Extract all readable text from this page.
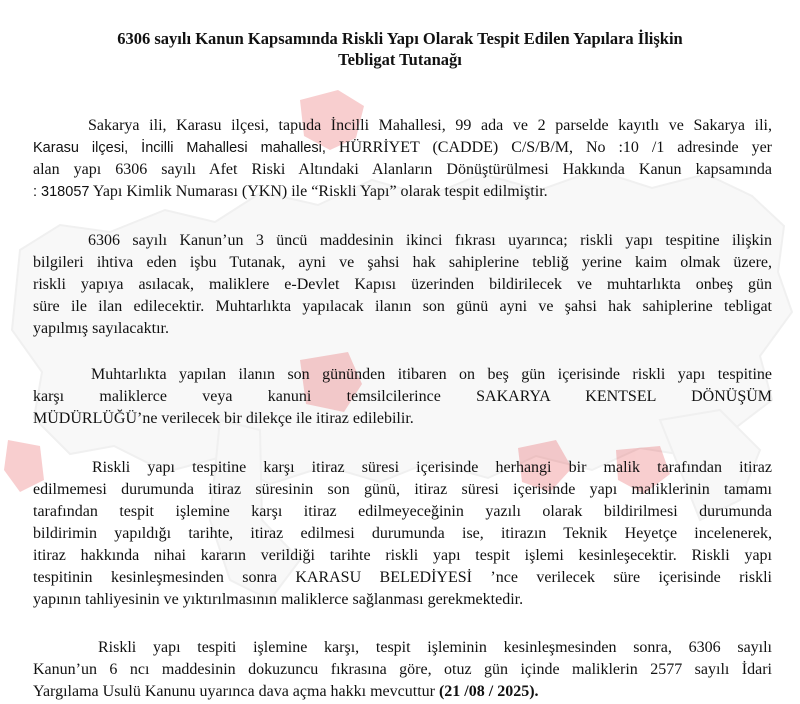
6306 sayılı Kanun Kapsamında Riskli Yapı Olarak Tespit Edilen Yapılara İlişkin
Tebligat Tutanağı
Sakarya ili, Karasu ilçesi, tapuda İncilli Mahallesi, 99 ada ve 2 parselde kayıtlı ve Sakarya ili,
Karasu ilçesi, İncilli Mahallesi mahallesi, HÜRRİYET (CADDE) C/S/B/M, No :10 /1 adresinde yer
alan yapı 6306 sayılı Afet Riski Altındaki Alanların Dönüştürülmesi Hakkında Kanun kapsamında
: 318057 Yapı Kimlik Numarası (YKN) ile “Riskli Yapı” olarak tespit edilmiştir.
6306 sayılı Kanun’un 3 üncü maddesinin ikinci fıkrası uyarınca; riskli yapı tespitine ilişkin
bilgileri ihtiva eden işbu Tutanak, ayni ve şahsi hak sahiplerine tebliğ yerine kaim olmak üzere,
riskli yapıya asılacak, maliklere e-Devlet Kapısı üzerinden bildirilecek ve muhtarlıkta onbeş gün
süre ile ilan edilecektir. Muhtarlıkta yapılacak ilanın son günü ayni ve şahsi hak sahiplerine tebligat
yapılmış sayılacaktır.
Muhtarlıkta yapılan ilanın son gününden itibaren on beş gün içerisinde riskli yapı tespitine
karşı maliklerce veya kanuni temsilcilerince SAKARYA KENTSEL DÖNÜŞÜM
MÜDÜRLÜĞÜ’ne verilecek bir dilekçe ile itiraz edilebilir.
Riskli yapı tespitine karşı itiraz süresi içerisinde herhangi bir malik tarafından itiraz
edilmemesi durumunda itiraz süresinin son günü, itiraz süresi içerisinde yapı maliklerinin tamamı
tarafından tespit işlemine karşı itiraz edilmeyeceğinin yazılı olarak bildirilmesi durumunda
bildirimin yapıldığı tarihte, itiraz edilmesi durumunda ise, itirazın Teknik Heyetçe incelenerek,
itiraz hakkında nihai kararın verildiği tarihte riskli yapı tespit işlemi kesinleşecektir. Riskli yapı
tespitinin kesinleşmesinden sonra KARASU BELEDİYESİ ’nce verilecek süre içerisinde riskli
yapının tahliyesinin ve yıktırılmasının maliklerce sağlanması gerekmektedir.
Riskli yapı tespiti işlemine karşı, tespit işleminin kesinleşmesinden sonra, 6306 sayılı
Kanun’un 6 ncı maddesinin dokuzuncu fıkrasına göre, otuz gün içinde maliklerin 2577 sayılı İdari
Yargılama Usulü Kanunu uyarınca dava açma hakkı mevcuttur (21 /08 / 2025).
